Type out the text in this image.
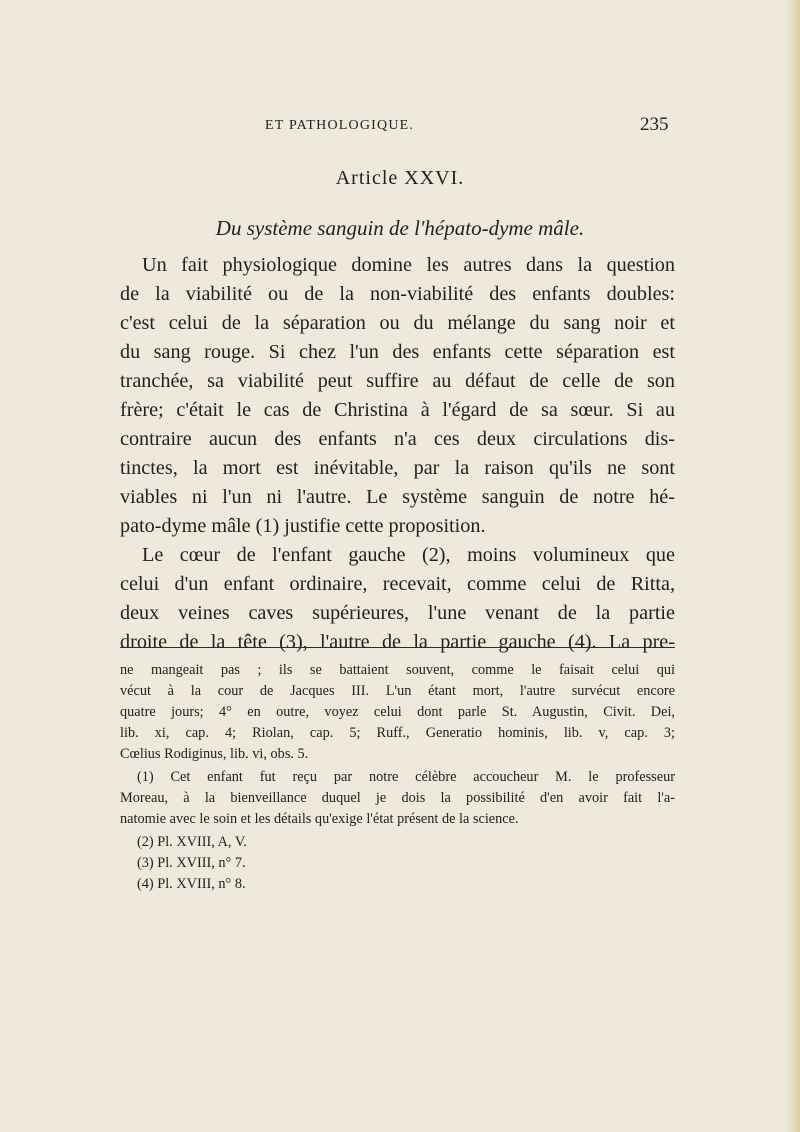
ET PATHOLOGIQUE.	235
Article XXVI.
Du système sanguin de l'hépato-dyme mâle.
Un fait physiologique domine les autres dans la question
de la viabilité ou de la non-viabilité des enfants doubles:
c'est celui de la séparation ou du mélange du sang noir et
du sang rouge. Si chez l'un des enfants cette séparation est
tranchée, sa viabilité peut suffire au défaut de celle de son
frère; c'était le cas de Christina à l'égard de sa sœur. Si au
contraire aucun des enfants n'a ces deux circulations dis-
tinctes, la mort est inévitable, par la raison qu'ils ne sont
viables ni l'un ni l'autre. Le système sanguin de notre hé-
pato-dyme mâle (1) justifie cette proposition.
Le cœur de l'enfant gauche (2), moins volumineux que
celui d'un enfant ordinaire, recevait, comme celui de Ritta,
deux veines caves supérieures, l'une venant de la partie
droite de la tête (3), l'autre de la partie gauche (4). La pre-
ne mangeait pas ; ils se battaient souvent, comme le faisait celui qui
vécut à la cour de Jacques III. L'un étant mort, l'autre survécut encore
quatre jours; 4° en outre, voyez celui dont parle St. Augustin, Civit. Dei,
lib. xi, cap. 4; Riolan, cap. 5; Ruff., Generatio hominis, lib. v, cap. 3;
Cœlius Rodiginus, lib. vi, obs. 5.
(1) Cet enfant fut reçu par notre célèbre accoucheur M. le professeur
Moreau, à la bienveillance duquel je dois la possibilité d'en avoir fait l'a-
natomie avec le soin et les détails qu'exige l'état présent de la science.
(2) Pl. XVIII, A, V.
(3) Pl. XVIII, n° 7.
(4) Pl. XVIII, n° 8.
